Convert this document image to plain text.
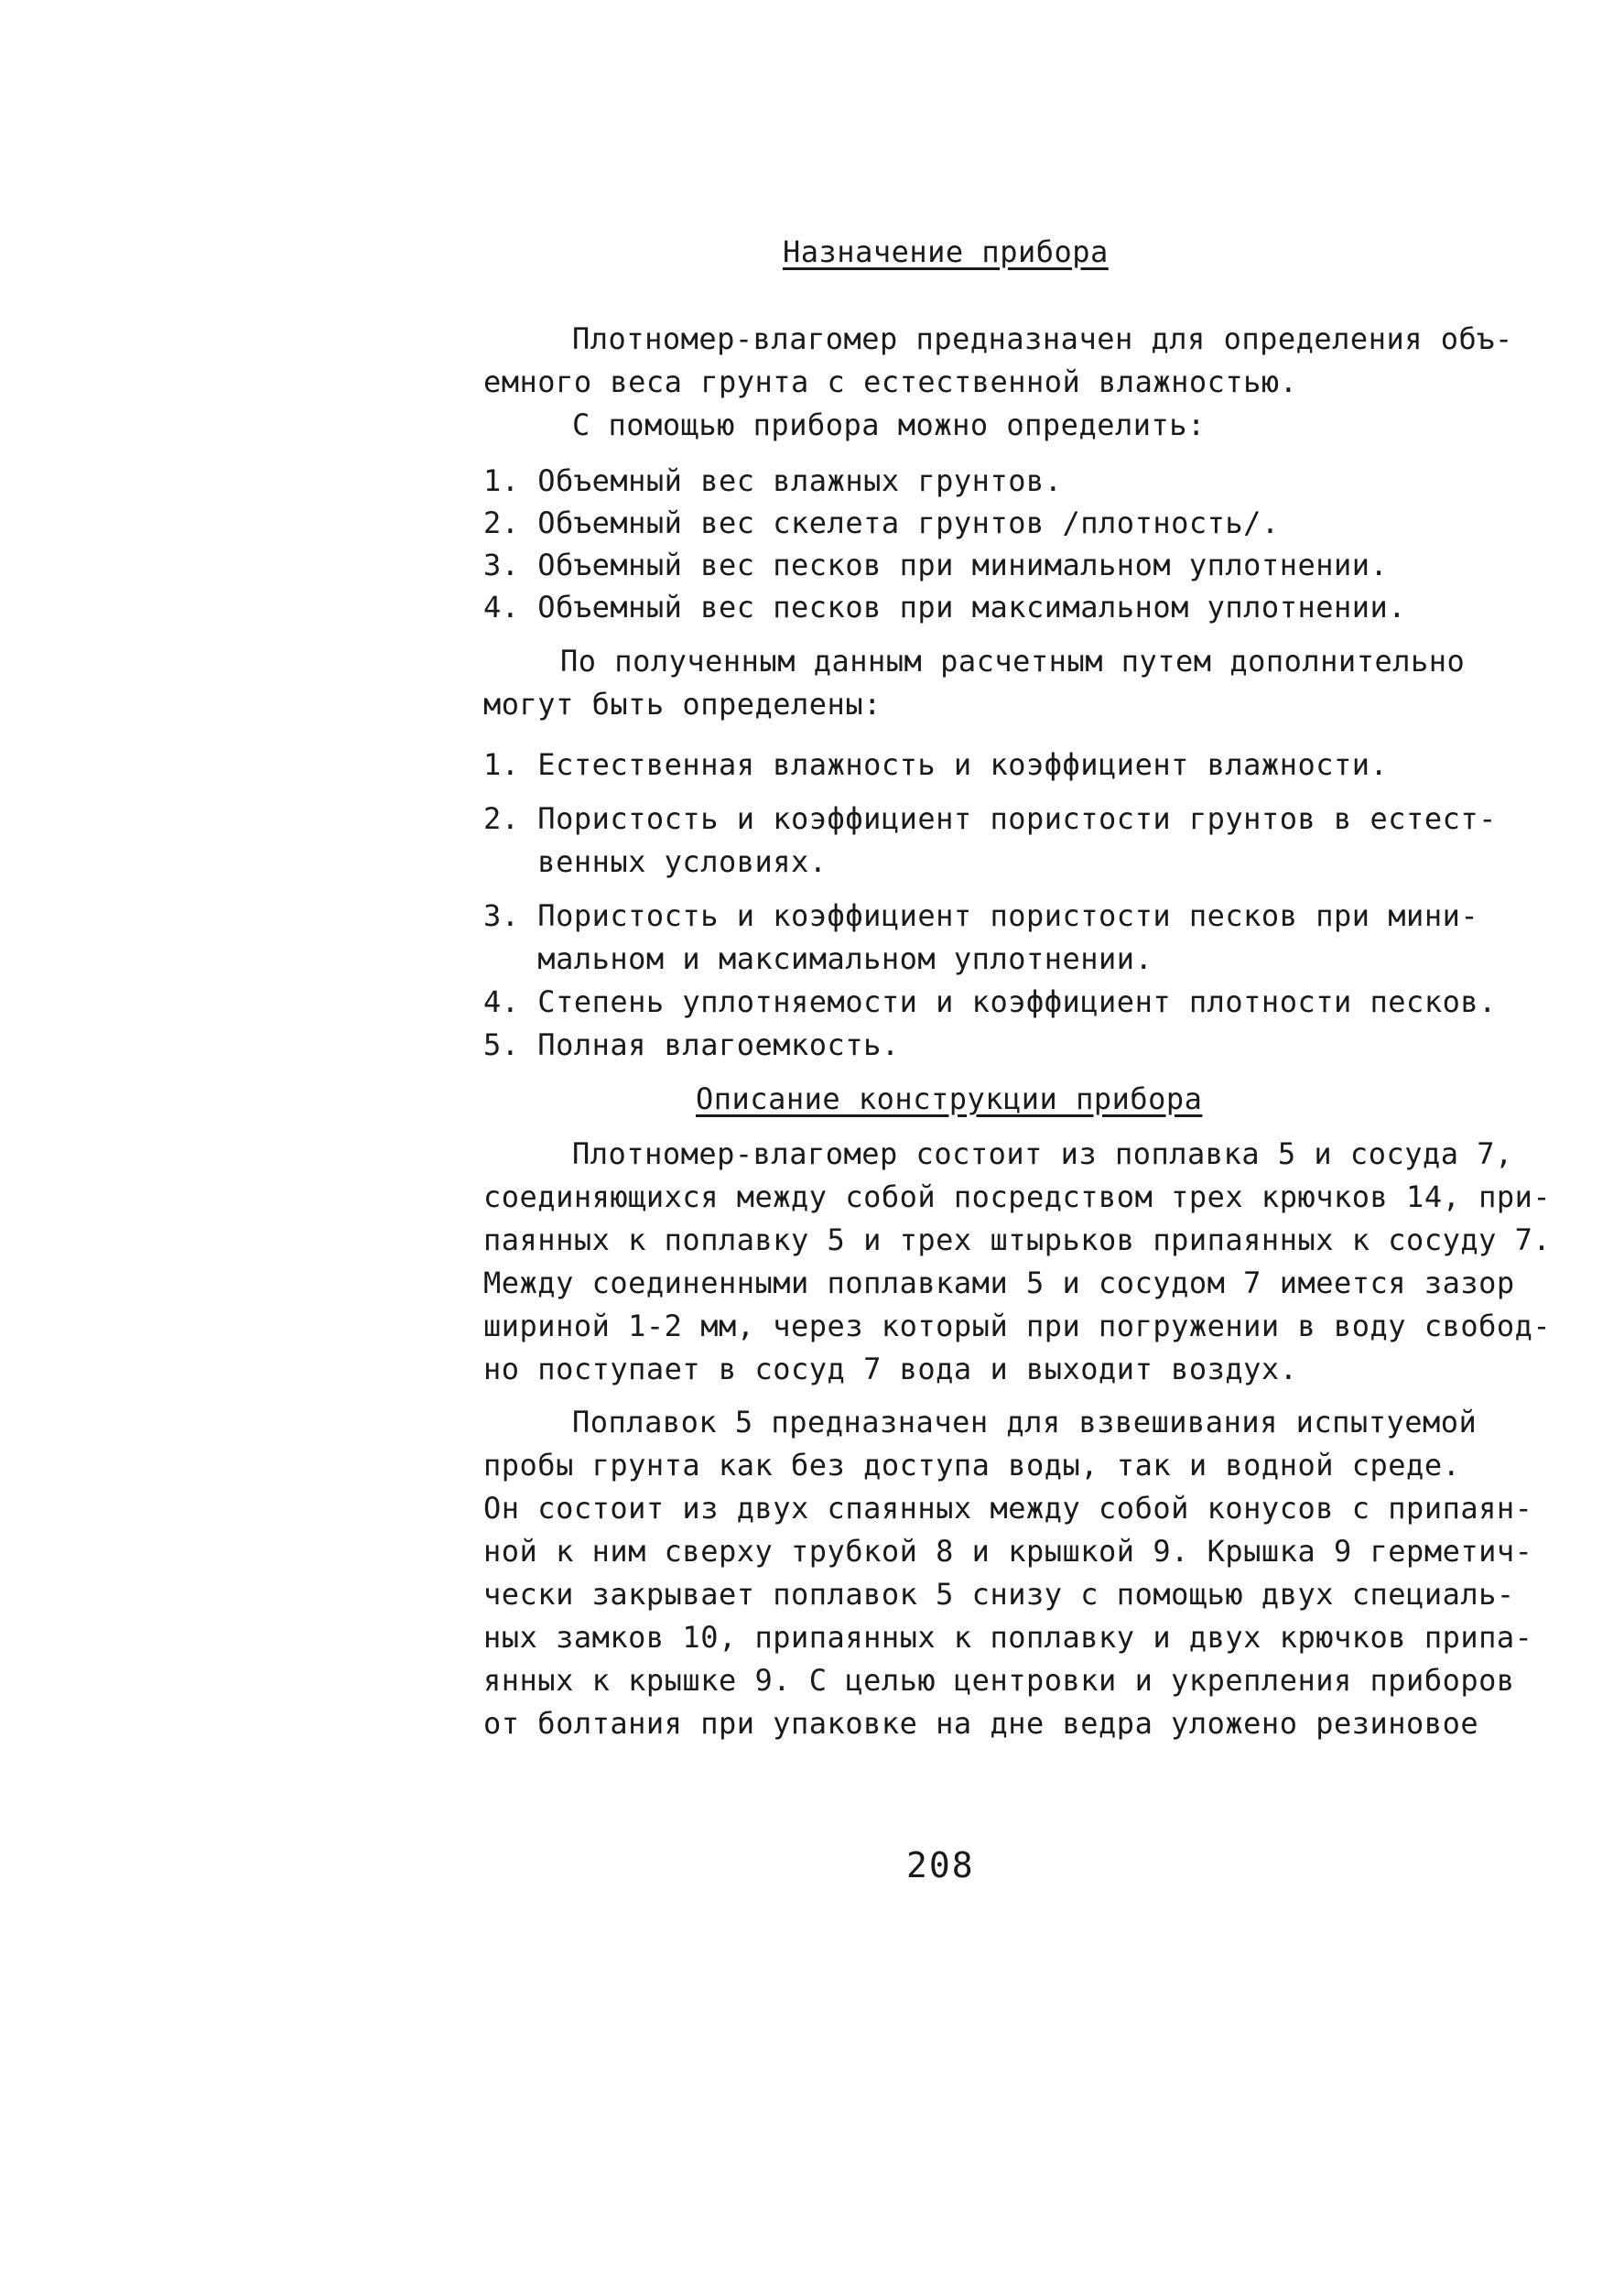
Назначение прибора
Плотномер-влагомер предназначен для определения объ-
емного веса грунта с естественной влажностью.
С помощью прибора можно определить:
1. Объемный вес влажных грунтов.
2. Объемный вес скелета грунтов /плотность/.
3. Объемный вес песков при минимальном уплотнении.
4. Объемный вес песков при максимальном уплотнении.
По полученным данным расчетным путем дополнительно
могут быть определены:
1. Естественная влажность и коэффициент влажности.
2. Пористость и коэффициент пористости грунтов в естест-
венных условиях.
3. Пористость и коэффициент пористости песков при мини-
мальном и максимальном уплотнении.
4. Степень уплотняемости и коэффициент плотности песков.
5. Полная влагоемкость.
Описание конструкции прибора
Плотномер-влагомер состоит из поплавка 5 и сосуда 7,
соединяющихся между собой посредством трех крючков 14, при-
паянных к поплавку 5 и трех штырьков припаянных к сосуду 7.
Между соединенными поплавками 5 и сосудом 7 имеется зазор
шириной 1-2 мм, через который при погружении в воду свобод-
но поступает в сосуд 7 вода и выходит воздух.
Поплавок 5 предназначен для взвешивания испытуемой
пробы грунта как без доступа воды, так и водной среде.
Он состоит из двух спаянных между собой конусов с припаян-
ной к ним сверху трубкой 8 и крышкой 9. Крышка 9 герметич-
чески закрывает поплавок 5 снизу с помощью двух специаль-
ных замков 10, припаянных к поплавку и двух крючков припа-
янных к крышке 9. С целью центровки и укрепления приборов
от болтания при упаковке на дне ведра уложено резиновое
208
